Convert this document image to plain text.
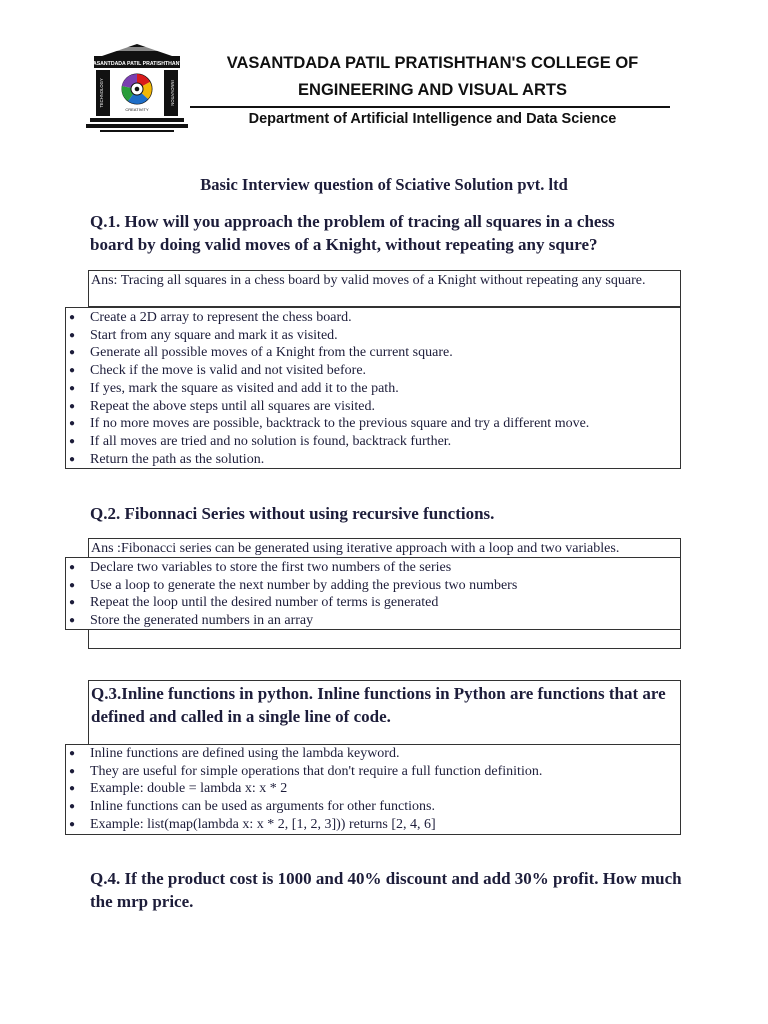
VASANTDADA PATIL PRATISHTHAN'S
TECHNOLOGY	INNOVATION
CREATIVITY
VASANTDADA PATIL PRATISHTHAN'S COLLEGE OF
ENGINEERING AND VISUAL ARTS
Department of Artificial Intelligence and Data Science
Basic Interview question of Sciative Solution pvt. ltd
Q.1. How will you approach the problem of tracing all squares in a chess board by doing valid moves of a Knight, without repeating any squre?
Ans: Tracing all squares in a chess board by valid moves of a Knight without repeating any square.
● Create a 2D array to represent the chess board.
● Start from any square and mark it as visited.
● Generate all possible moves of a Knight from the current square.
● Check if the move is valid and not visited before.
● If yes, mark the square as visited and add it to the path.
● Repeat the above steps until all squares are visited.
● If no more moves are possible, backtrack to the previous square and try a different move.
● If all moves are tried and no solution is found, backtrack further.
● Return the path as the solution.
Q.2. Fibonnaci Series without using recursive functions.
Ans :Fibonacci series can be generated using iterative approach with a loop and two variables.
● Declare two variables to store the first two numbers of the series
● Use a loop to generate the next number by adding the previous two numbers
● Repeat the loop until the desired number of terms is generated
● Store the generated numbers in an array
Q.3.Inline functions in python. Inline functions in Python are functions that are defined and called in a single line of code.
● Inline functions are defined using the lambda keyword.
● They are useful for simple operations that don't require a full function definition.
● Example: double = lambda x: x * 2
● Inline functions can be used as arguments for other functions.
● Example: list(map(lambda x: x * 2, [1, 2, 3])) returns [2, 4, 6]
Q.4. If the product cost is 1000 and 40% discount and add 30% profit. How much the mrp price.
